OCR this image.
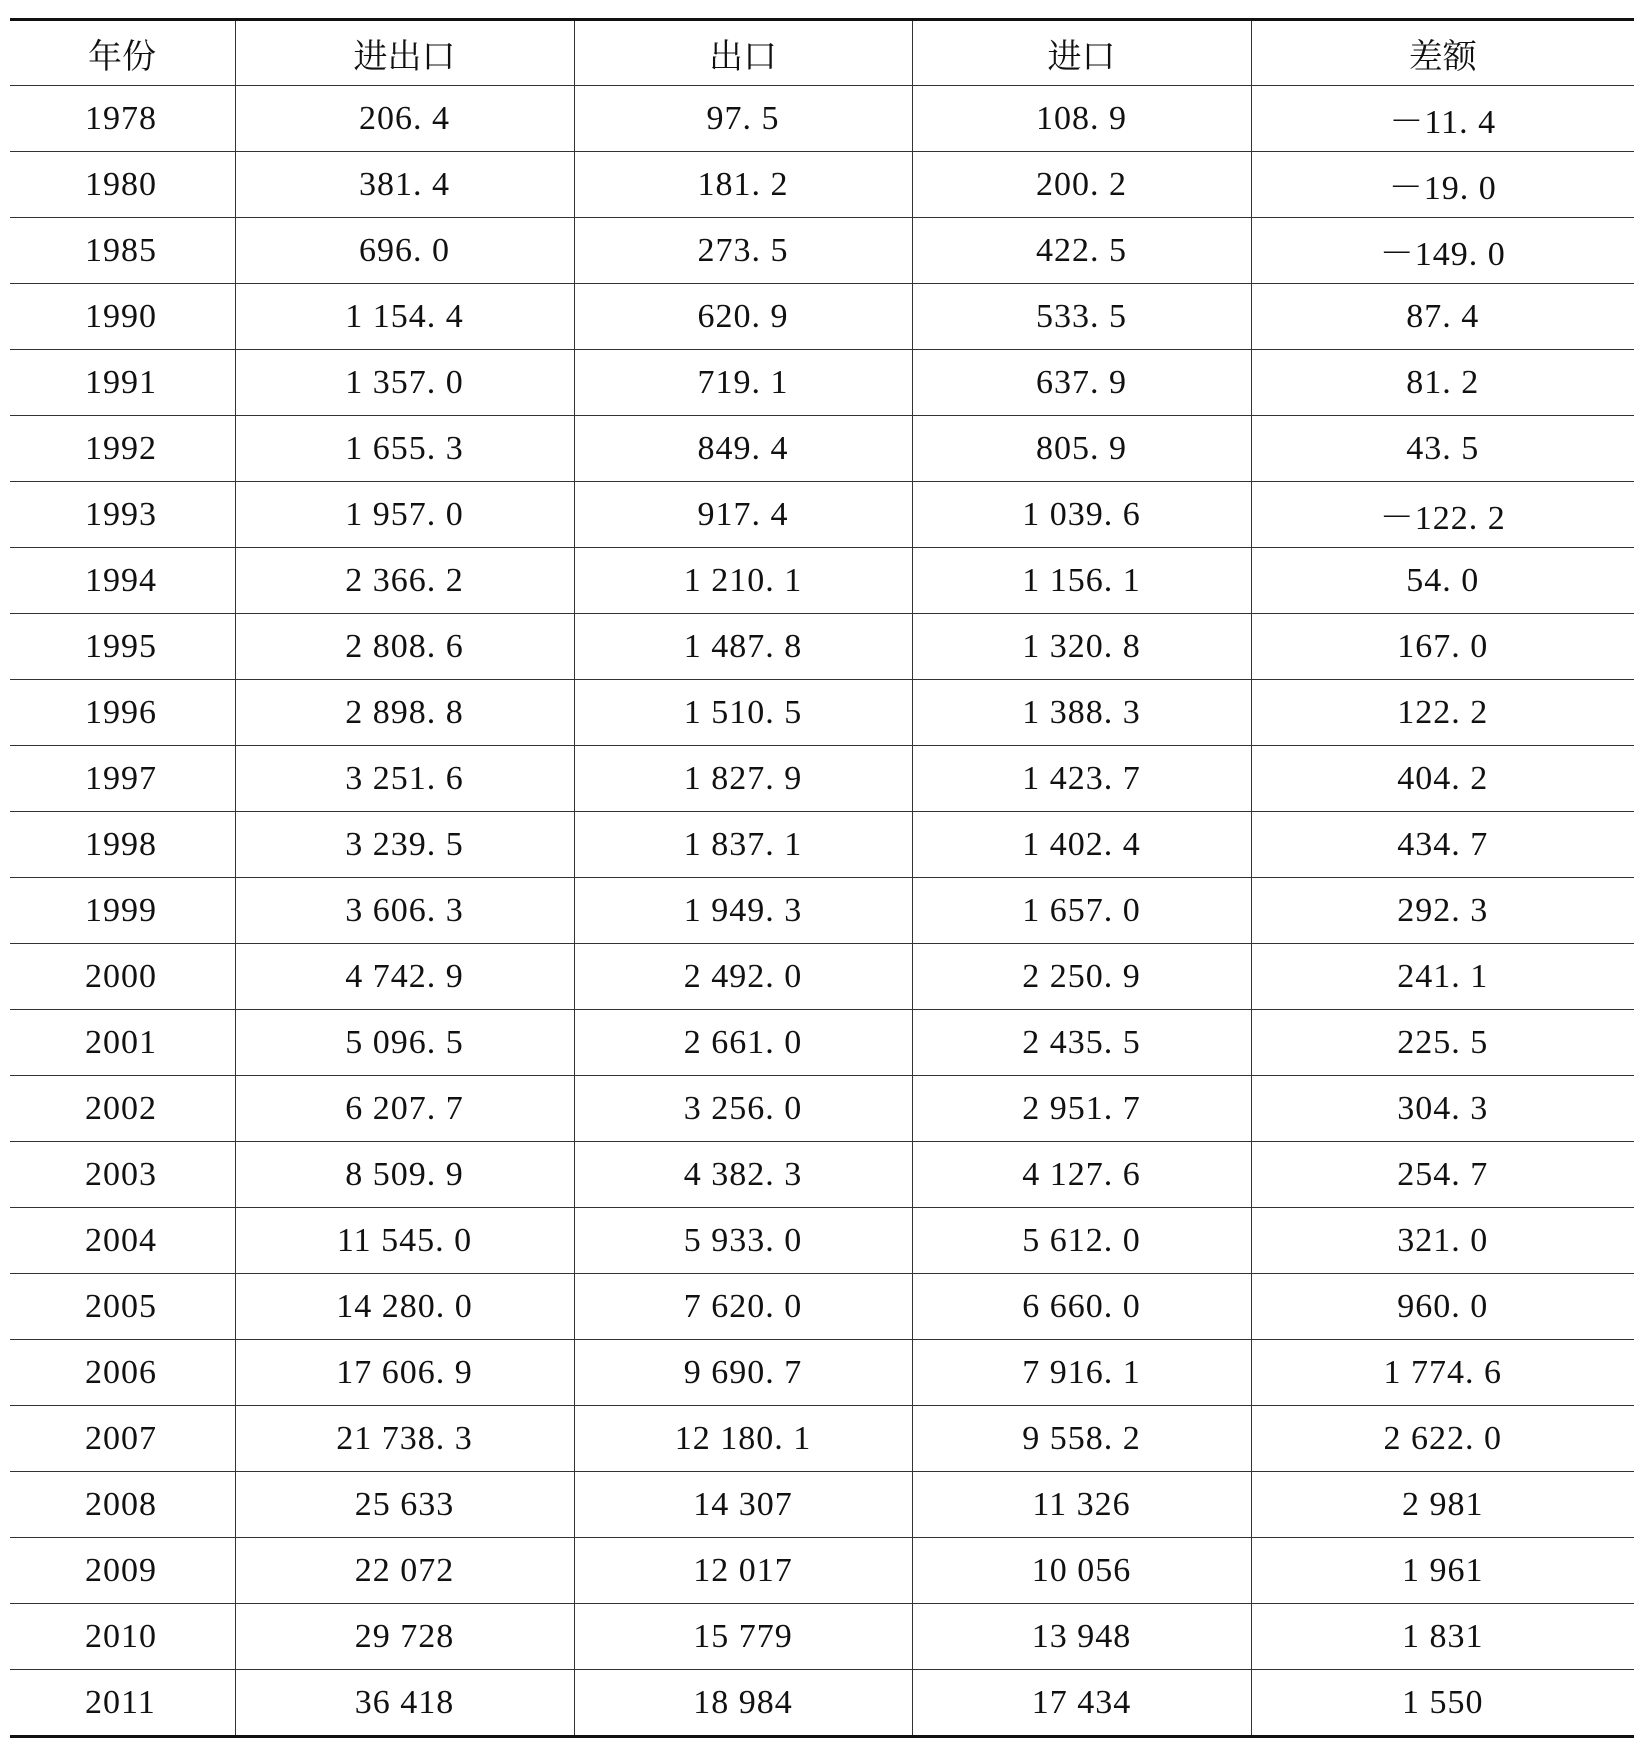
年份	进出口	出口	进口	差额
1978	206. 4	97. 5	108. 9	－11. 4
1980	381. 4	181. 2	200. 2	－19. 0
1985	696. 0	273. 5	422. 5	－149. 0
1990	1 154. 4	620. 9	533. 5	87. 4
1991	1 357. 0	719. 1	637. 9	81. 2
1992	1 655. 3	849. 4	805. 9	43. 5
1993	1 957. 0	917. 4	1 039. 6	－122. 2
1994	2 366. 2	1 210. 1	1 156. 1	54. 0
1995	2 808. 6	1 487. 8	1 320. 8	167. 0
1996	2 898. 8	1 510. 5	1 388. 3	122. 2
1997	3 251. 6	1 827. 9	1 423. 7	404. 2
1998	3 239. 5	1 837. 1	1 402. 4	434. 7
1999	3 606. 3	1 949. 3	1 657. 0	292. 3
2000	4 742. 9	2 492. 0	2 250. 9	241. 1
2001	5 096. 5	2 661. 0	2 435. 5	225. 5
2002	6 207. 7	3 256. 0	2 951. 7	304. 3
2003	8 509. 9	4 382. 3	4 127. 6	254. 7
2004	11 545. 0	5 933. 0	5 612. 0	321. 0
2005	14 280. 0	7 620. 0	6 660. 0	960. 0
2006	17 606. 9	9 690. 7	7 916. 1	1 774. 6
2007	21 738. 3	12 180. 1	9 558. 2	2 622. 0
2008	25 633	14 307	11 326	2 981
2009	22 072	12 017	10 056	1 961
2010	29 728	15 779	13 948	1 831
2011	36 418	18 984	17 434	1 550
